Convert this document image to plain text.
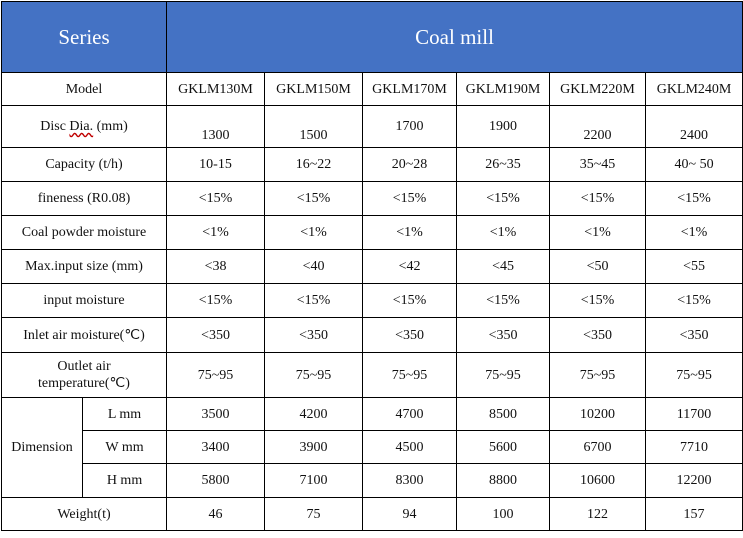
Series		Coal mill					
Model		GKLM130M	GKLM150M	GKLM170M	GKLM190M	GKLM220M	GKLM240M
Disc Dia. (mm)		1300	1500	1700	1900	2200	2400
Capacity (t/h)		10-15	16~22	20~28	26~35	35~45	40~ 50
fineness (R0.08)		<15%	<15%	<15%	<15%	<15%	<15%
Coal powder moisture		<1%	<1%	<1%	<1%	<1%	<1%
Max.input size (mm)		<38	<40	<42	<45	<50	<55
input moisture		<15%	<15%	<15%	<15%	<15%	<15%
Inlet air moisture(℃)		<350	<350	<350	<350	<350	<350

Outlet air
temperature(℃)		75~95	75~95	75~95	75~95	75~95	75~95
Dimension	L mm	3500	4200	4700	8500	10200	11700
	W mm	3400	3900	4500	5600	6700	7710
	H mm	5800	7100	8300	8800	10600	12200
Weight(t)		46	75	94	100	122	157
